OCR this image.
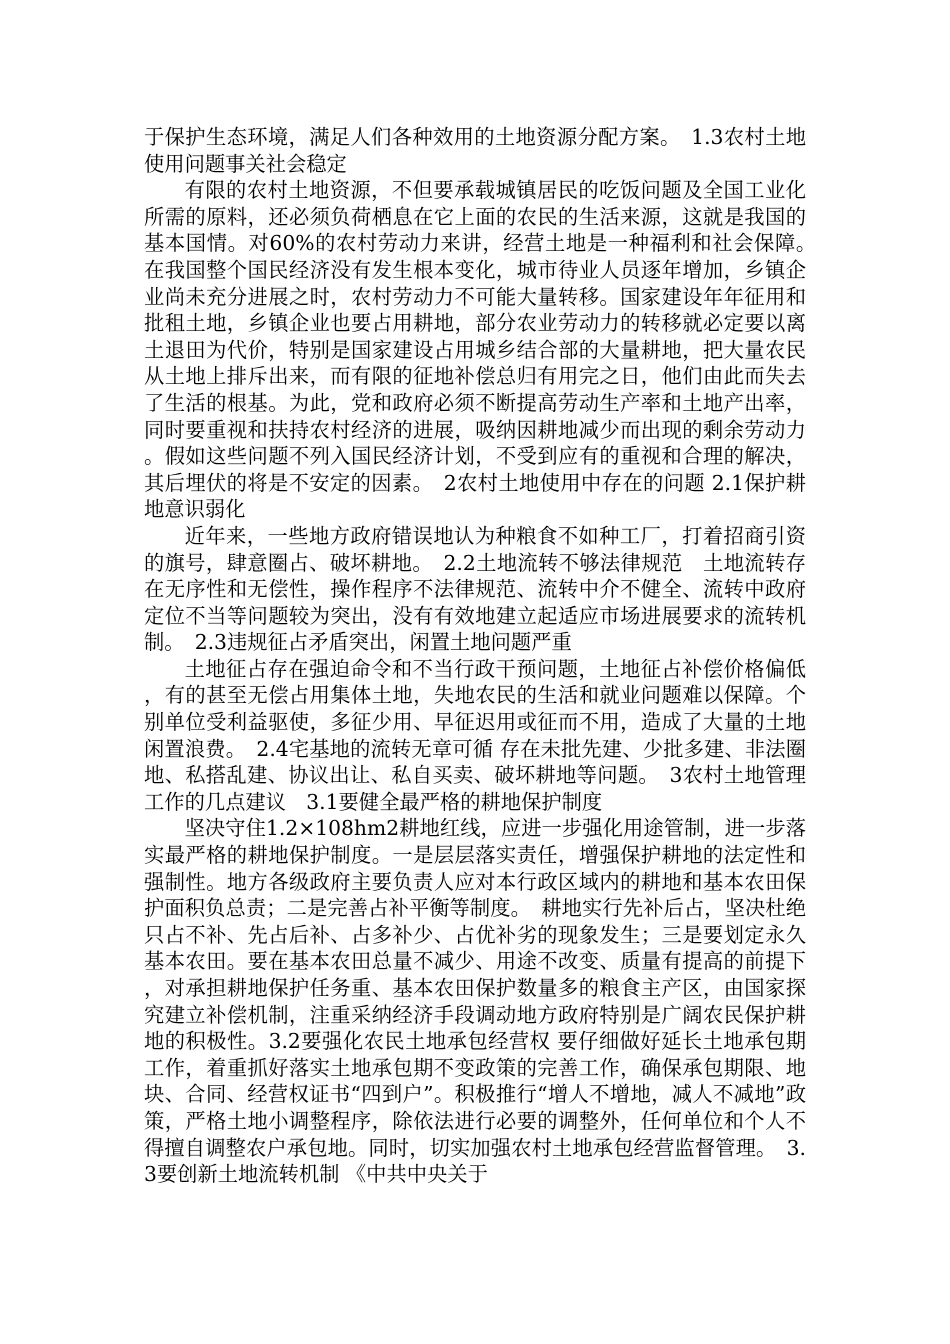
于保护生态环境，满足人们各种效用的土地资源分配方案。　1.3农村土地使用问题事关社会稳定

有限的农村土地资源，不但要承载城镇居民的吃饭问题及全国工业化所需的原料，还必须负荷栖息在它上面的农民的生活来源，这就是我国的基本国情。对60%的农村劳动力来讲，经营土地是一种福利和社会保障。　在我国整个国民经济没有发生根本变化，城市待业人员逐年增加，乡镇企业尚未充分进展之时，农村劳动力不可能大量转移。国家建设年年征用和批租土地，乡镇企业也要占用耕地，部分农业劳动力的转移就必定要以离土退田为代价，特别是国家建设占用城乡结合部的大量耕地，把大量农民从土地上排斥出来，而有限的征地补偿总归有用完之日，他们由此而失去了生活的根基。为此，党和政府必须不断提高劳动生产率和土地产出率，同时要重视和扶持农村经济的进展，吸纳因耕地减少而出现的剩余劳动力。假如这些问题不列入国民经济计划，不受到应有的重视和合理的解决，其后埋伏的将是不安定的因素。　2农村土地使用中存在的问题 2.1保护耕地意识弱化

近年来，一些地方政府错误地认为种粮食不如种工厂，打着招商引资的旗号，肆意圈占、破坏耕地。　2.2土地流转不够法律规范　土地流转存在无序性和无偿性，操作程序不法律规范、流转中介不健全、流转中政府定位不当等问题较为突出，没有有效地建立起适应市场进展要求的流转机制。　2.3违规征占矛盾突出，闲置土地问题严重

土地征占存在强迫命令和不当行政干预问题，土地征占补偿价格偏低，有的甚至无偿占用集体土地，失地农民的生活和就业问题难以保障。个别单位受利益驱使，多征少用、早征迟用或征而不用，造成了大量的土地闲置浪费。　2.4宅基地的流转无章可循 存在未批先建、少批多建、非法圈地、私搭乱建、协议出让、私自买卖、破坏耕地等问题。　3农村土地管理工作的几点建议　3.1要健全最严格的耕地保护制度

坚决守住1.2×108hm2耕地红线，应进一步强化用途管制，进一步落实最严格的耕地保护制度。一是层层落实责任，增强保护耕地的法定性和强制性。地方各级政府主要负责人应对本行政区域内的耕地和基本农田保护面积负总责；二是完善占补平衡等制度。　耕地实行先补后占，坚决杜绝只占不补、先占后补、占多补少、占优补劣的现象发生；三是要划定永久基本农田。要在基本农田总量不减少、用途不改变、质量有提高的前提下，对承担耕地保护任务重、基本农田保护数量多的粮食主产区，由国家探究建立补偿机制，注重采纳经济手段调动地方政府特别是广阔农民保护耕地的积极性。3.2要强化农民土地承包经营权 要仔细做好延长土地承包期工作，着重抓好落实土地承包期不变政策的完善工作，确保承包期限、地块、合同、经营权证书“四到户”。积极推行“增人不增地，减人不减地”政策，严格土地小调整程序，除依法进行必要的调整外，任何单位和个人不得擅自调整农户承包地。同时，切实加强农村土地承包经营监督管理。　3.3要创新土地流转机制 《中共中央关于
